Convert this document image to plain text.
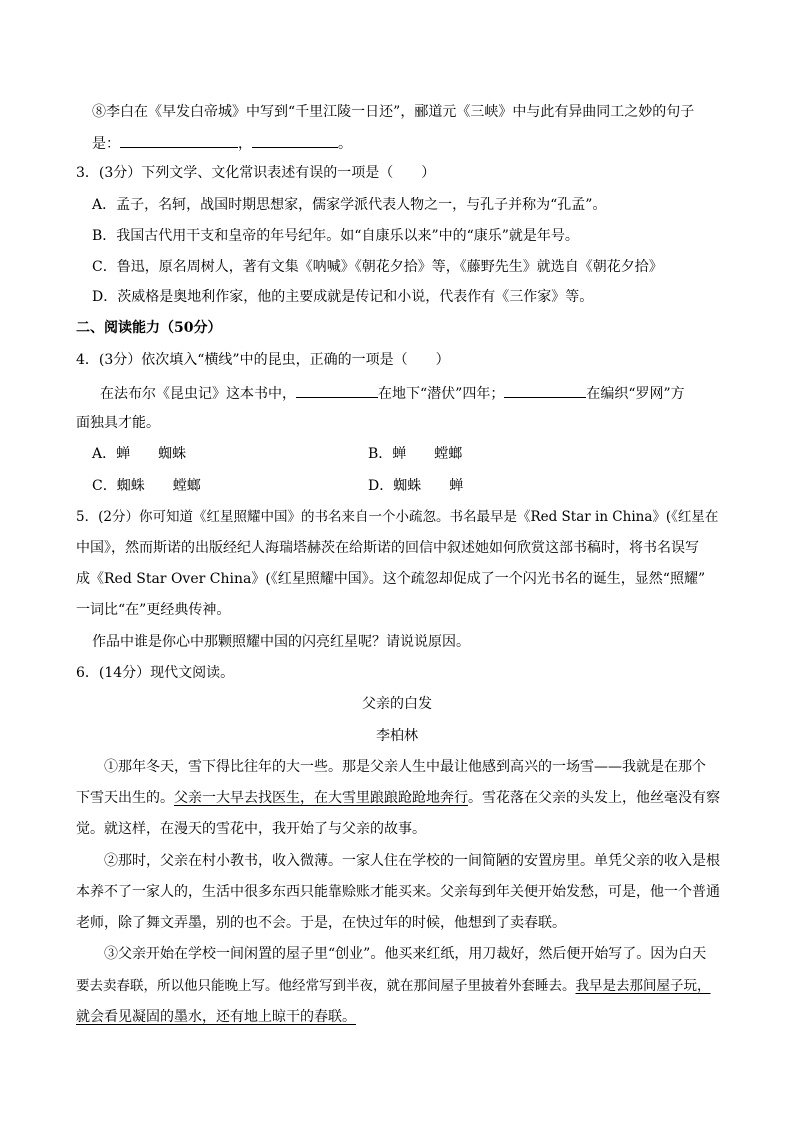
⑧李白在《早发白帝城》中写到“千里江陵一日还”，郦道元《三峡》中与此有异曲同工之妙的句子
是：	，	。
3．(3分）下列文学、文化常识表述有误的一项是（　　）
A．孟子，名轲，战国时期思想家，儒家学派代表人物之一，与孔子并称为“孔孟”。
B．我国古代用干支和皇帝的年号纪年。如“自康乐以来”中的“康乐”就是年号。
C．鲁迅，原名周树人，著有文集《呐喊》《朝花夕拾》等，《藤野先生》就选自《朝花夕拾》
D．茨威格是奥地利作家，他的主要成就是传记和小说，代表作有《三作家》等。
二、阅读能力（50分）
4．(3分）依次填入“横线”中的昆虫，正确的一项是（　　）
在法布尔《昆虫记》这本书中，	在地下“潜伏”四年；	在编织“罗网”方
面独具才能。
A．蝉　　蜘蛛	B．蝉　　螳螂
C．蜘蛛　　螳螂	D．蜘蛛　　蝉
5．(2分）你可知道《红星照耀中国》的书名来自一个小疏忽。书名最早是《Red Star in China》(《红星在
中国》，然而斯诺的出版经纪人海瑞塔赫茨在给斯诺的回信中叙述她如何欣赏这部书稿时，将书名误写
成《Red Star Over China》(《红星照耀中国》。这个疏忽却促成了一个闪光书名的诞生，显然“照耀”
一词比“在”更经典传神。
作品中谁是你心中那颗照耀中国的闪亮红星呢？请说说原因。
6．(14分）现代文阅读。
父亲的白发
李柏林
①那年冬天，雪下得比往年的大一些。那是父亲人生中最让他感到高兴的一场雪——我就是在那个
下雪天出生的。父亲一大早去找医生，在大雪里踉踉跄跄地奔行。雪花落在父亲的头发上，他丝毫没有察
觉。就这样，在漫天的雪花中，我开始了与父亲的故事。
②那时，父亲在村小教书，收入微薄。一家人住在学校的一间简陋的安置房里。单凭父亲的收入是根
本养不了一家人的，生活中很多东西只能靠赊账才能买来。父亲每到年关便开始发愁，可是，他一个普通
老师，除了舞文弄墨，别的也不会。于是，在快过年的时候，他想到了卖春联。
③父亲开始在学校一间闲置的屋子里“创业”。他买来红纸，用刀裁好，然后便开始写了。因为白天
要去卖春联，所以他只能晚上写。他经常写到半夜，就在那间屋子里披着外套睡去。我早是去那间屋子玩，
就会看见凝固的墨水，还有地上晾干的春联。
